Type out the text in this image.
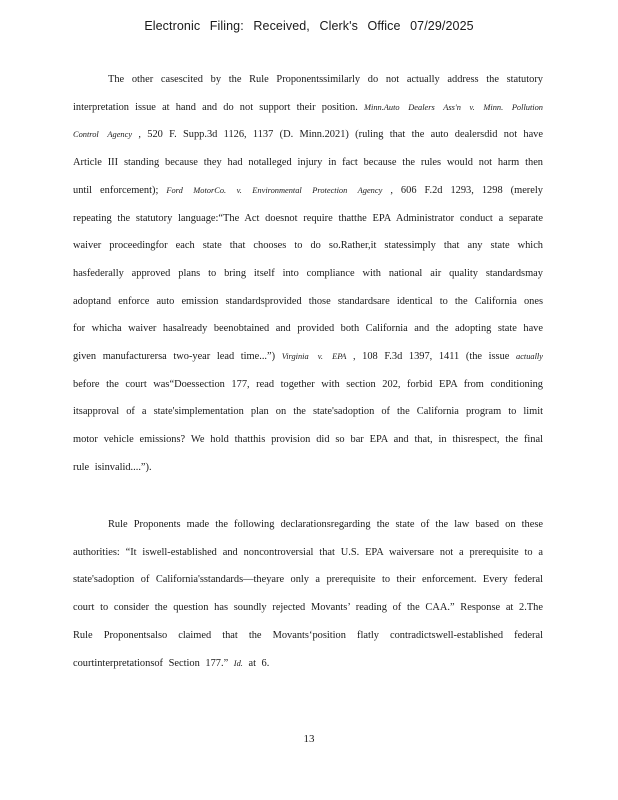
Electronic Filing: Received, Clerk's Office 07/29/2025

The other casescited by the Rule Proponentssimilarly do not actually address the statutory interpretation issue at hand and do not support their position. Minn.Auto Dealers Ass'n v. Minn. Pollution Control Agency , 520 F. Supp.3d 1126, 1137 (D. Minn.2021) (ruling that the auto dealersdid not have Article III standing because they had notalleged injury in fact because the rules would not harm then until enforcement); Ford MotorCo. v. Environmental Protection Agency , 606 F.2d 1293, 1298 (merely repeating the statutory language:“The Act doesnot require thatthe EPA Administrator conduct a separate waiver proceedingfor each state that chooses to do so.Rather,it statessimply that any state which hasfederally approved plans to bring itself into compliance with national air quality standardsmay adoptand enforce auto emission standardsprovided those standardsare identical to the California ones for whicha waiver hasalready beenobtained and provided both California and the adopting state have given manufacturersa two-year lead time...”) Virginia v. EPA , 108 F.3d 1397, 1411 (the issue actually before the court was“Doessection 177, read together with section 202, forbid EPA from conditioning itsapproval of a state'simplementation plan on the state'sadoption of the California program to limit motor vehicle emissions? We hold thatthis provision did so bar EPA and that, in thisrespect, the final rule isinvalid....”).

Rule Proponents made the following declarationsregarding the state of the law based on these authorities: “It iswell-established and noncontroversial that U.S. EPA waiversare not a prerequisite to a state'sadoption of California'sstandards—theyare only a prerequisite to their enforcement. Every federal court to consider the question has soundly rejected Movants’ reading of the CAA.” Response at 2.The Rule Proponentsalso claimed that the Movants‘position flatly contradictswell-established federal courtinterpretationsof Section 177.” Id. at 6.

13
